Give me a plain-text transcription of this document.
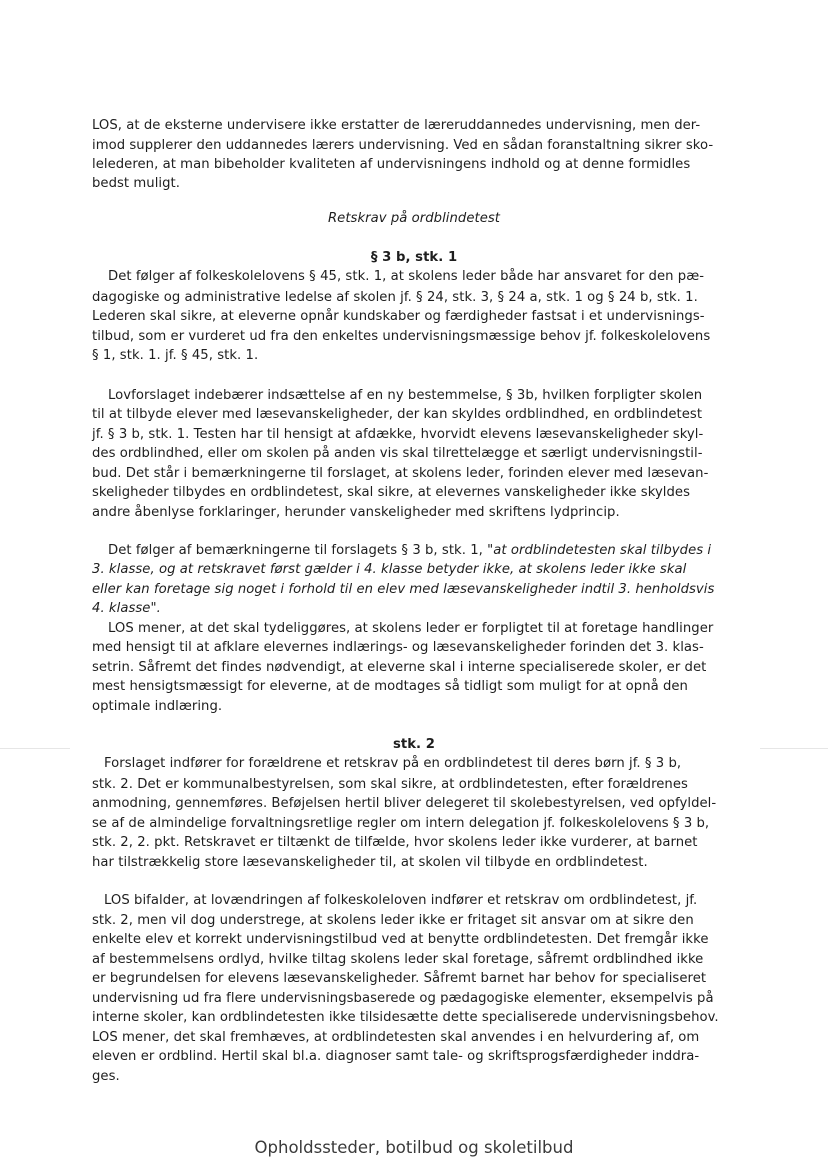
LOS, at de eksterne undervisere ikke erstatter de læreruddannedes undervisning, men der-
imod supplerer den uddannedes lærers undervisning. Ved en sådan foranstaltning sikrer sko-
lelederen, at man bibeholder kvaliteten af undervisningens indhold og at denne formidles
bedst muligt.
Retskrav på ordblindetest
§ 3 b, stk. 1
Det følger af folkeskolelovens § 45, stk. 1, at skolens leder både har ansvaret for den pæ-
dagogiske og administrative ledelse af skolen jf. § 24, stk. 3, § 24 a, stk. 1 og § 24 b, stk. 1.
Lederen skal sikre, at eleverne opnår kundskaber og færdigheder fastsat i et undervisnings-
tilbud, som er vurderet ud fra den enkeltes undervisningsmæssige behov jf. folkeskolelovens
§ 1, stk. 1. jf. § 45, stk. 1.
Lovforslaget indebærer indsættelse af en ny bestemmelse, § 3b, hvilken forpligter skolen
til at tilbyde elever med læsevanskeligheder, der kan skyldes ordblindhed, en ordblindetest
jf. § 3 b, stk. 1. Testen har til hensigt at afdække, hvorvidt elevens læsevanskeligheder skyl-
des ordblindhed, eller om skolen på anden vis skal tilrettelægge et særligt undervisningstil-
bud. Det står i bemærkningerne til forslaget, at skolens leder, forinden elever med læsevan-
skeligheder tilbydes en ordblindetest, skal sikre, at elevernes vanskeligheder ikke skyldes
andre åbenlyse forklaringer, herunder vanskeligheder med skriftens lydprincip.
Det følger af bemærkningerne til forslagets § 3 b, stk. 1, "at ordblindetesten skal tilbydes i
3. klasse, og at retskravet først gælder i 4. klasse betyder ikke, at skolens leder ikke skal
eller kan foretage sig noget i forhold til en elev med læsevanskeligheder indtil 3. henholdsvis
4. klasse".
LOS mener, at det skal tydeliggøres, at skolens leder er forpligtet til at foretage handlinger
med hensigt til at afklare elevernes indlærings- og læsevanskeligheder forinden det 3. klas-
setrin. Såfremt det findes nødvendigt, at eleverne skal i interne specialiserede skoler, er det
mest hensigtsmæssigt for eleverne, at de modtages så tidligt som muligt for at opnå den
optimale indlæring.
stk. 2
Forslaget indfører for forældrene et retskrav på en ordblindetest til deres børn jf. § 3 b,
stk. 2. Det er kommunalbestyrelsen, som skal sikre, at ordblindetesten, efter forældrenes
anmodning, gennemføres. Beføjelsen hertil bliver delegeret til skolebestyrelsen, ved opfyldel-
se af de almindelige forvaltningsretlige regler om intern delegation jf. folkeskolelovens § 3 b,
stk. 2, 2. pkt. Retskravet er tiltænkt de tilfælde, hvor skolens leder ikke vurderer, at barnet
har tilstrækkelig store læsevanskeligheder til, at skolen vil tilbyde en ordblindetest.
LOS bifalder, at lovændringen af folkeskoleloven indfører et retskrav om ordblindetest, jf.
stk. 2, men vil dog understrege, at skolens leder ikke er fritaget sit ansvar om at sikre den
enkelte elev et korrekt undervisningstilbud ved at benytte ordblindetesten. Det fremgår ikke
af bestemmelsens ordlyd, hvilke tiltag skolens leder skal foretage, såfremt ordblindhed ikke
er begrundelsen for elevens læsevanskeligheder. Såfremt barnet har behov for specialiseret
undervisning ud fra flere undervisningsbaserede og pædagogiske elementer, eksempelvis på
interne skoler, kan ordblindetesten ikke tilsidesætte dette specialiserede undervisningsbehov.
LOS mener, det skal fremhæves, at ordblindetesten skal anvendes i en helvurdering af, om
eleven er ordblind. Hertil skal bl.a. diagnoser samt tale- og skriftsprogsfærdigheder inddra-
ges.
Opholdssteder, botilbud og skoletilbud
